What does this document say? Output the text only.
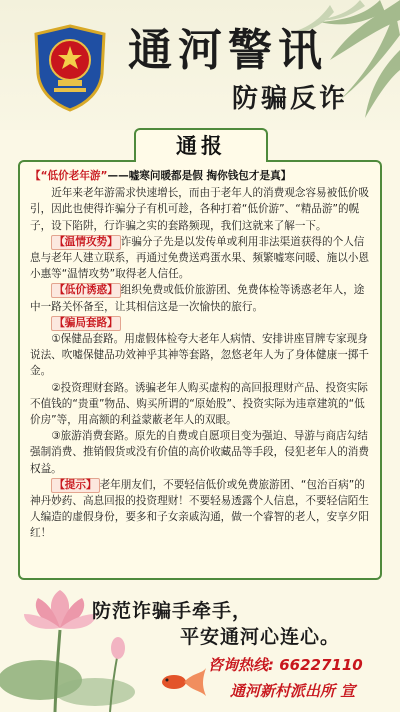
通河警讯
防骗反诈
通报
【“低价老年游”——嘘寒问暖都是假 掏你钱包才是真】

近年来老年游需求快速增长，而由于老年人的消费观念容易被低价吸引，因此也使得诈骗分子有机可趁，各种打着“低价游”、“精品游”的幌子，设下陷阱，行诈骗之实的套路频现，我们这就来了解一下。

【温情攻势】 诈骗分子先是以发传单或利用非法渠道获得的个人信息与老年人建立联系，再通过免费送鸡蛋水果、频繁嘘寒问暖、施以小恩小惠等“温情攻势”取得老人信任。

【低价诱惑】 组织免费或低价旅游团、免费体检等诱惑老年人，途中一路关怀备至，让其相信这是一次愉快的旅行。

【骗局套路】

①保健品套路。用虚假体检夸大老年人病情、安排讲座冒牌专家现身说法、吹嘘保健品功效神乎其神等套路，忽悠老年人为了身体健康一掷千金。

②投资理财套路。诱骗老年人购买虚构的高回报理财产品、投资实际不值钱的“贵重”物品、购买所谓的“原始股”、投资实际为违章建筑的“低价房”等，用高额的利益蒙蔽老年人的双眼。

③旅游消费套路。原先的自费或自愿项目变为强迫、导游与商店勾结强制消费、推销假货或没有价值的高价收藏品等手段，侵犯老年人的消费权益。

【提示】 老年朋友们，不要轻信低价或免费旅游团、“包治百病”的神丹妙药、高息回报的投资理财！不要轻易透露个人信息，不要轻信陌生人编造的虚假身份，要多和子女亲戚沟通，做一个睿智的老人，安享夕阳红！

防范诈骗手牵手，
平安通河心连心。
咨询热线: 66227110
通河新村派出所 宣
